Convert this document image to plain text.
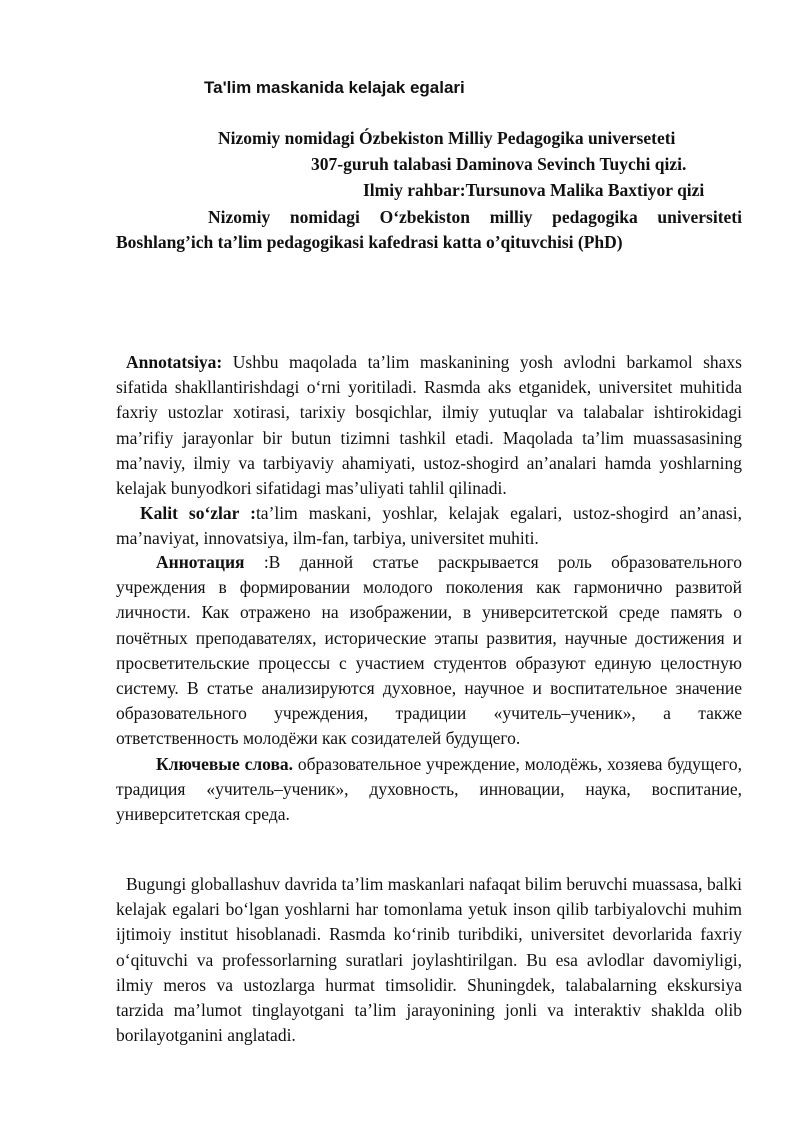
Ta'lim maskanida kelajak egalari
Nizomiy nomidagi Ózbekiston Milliy Pedagogika universeteti
307-guruh talabasi Daminova Sevinch Tuychi qizi.
Ilmiy rahbar:Tursunova Malika Baxtiyor qizi
Nizomiy nomidagi O‘zbekiston milliy pedagogika universiteti
Boshlang’ich ta’lim pedagogikasi kafedrasi katta o’qituvchisi (PhD)

Annotatsiya: Ushbu maqolada ta’lim maskanining yosh avlodni barkamol shaxs sifatida shakllantirishdagi o‘rni yoritiladi. Rasmda aks etganidek, universitet muhitida faxriy ustozlar xotirasi, tarixiy bosqichlar, ilmiy yutuqlar va talabalar ishtirokidagi ma’rifiy jarayonlar bir butun tizimni tashkil etadi. Maqolada ta’lim muassasasining ma’naviy, ilmiy va tarbiyaviy ahamiyati, ustoz-shogird an’analari hamda yoshlarning kelajak bunyodkori sifatidagi mas’uliyati tahlil qilinadi.

Kalit so‘zlar :ta’lim maskani, yoshlar, kelajak egalari, ustoz-shogird an’anasi, ma’naviyat, innovatsiya, ilm-fan, tarbiya, universitet muhiti.

Аннотация :В данной статье раскрывается роль образовательного учреждения в формировании молодого поколения как гармонично развитой личности. Как отражено на изображении, в университетской среде память о почётных преподавателях, исторические этапы развития, научные достижения и просветительские процессы с участием студентов образуют единую целостную систему. В статье анализируются духовное, научное и воспитательное значение образовательного учреждения, традиции «учитель–ученик», а также ответственность молодёжи как созидателей будущего.

Ключевые слова. образовательное учреждение, молодёжь, хозяева будущего, традиция «учитель–ученик», духовность, инновации, наука, воспитание, университетская среда.

Bugungi globallashuv davrida ta’lim maskanlari nafaqat bilim beruvchi muassasa, balki kelajak egalari bo‘lgan yoshlarni har tomonlama yetuk inson qilib tarbiyalovchi muhim ijtimoiy institut hisoblanadi. Rasmda ko‘rinib turibdiki, universitet devorlarida faxriy o‘qituvchi va professorlarning suratlari joylashtirilgan. Bu esa avlodlar davomiyligi, ilmiy meros va ustozlarga hurmat timsolidir. Shuningdek, talabalarning ekskursiya tarzida ma’lumot tinglayotgani ta’lim jarayonining jonli va interaktiv shaklda olib borilayotganini anglatadi.
